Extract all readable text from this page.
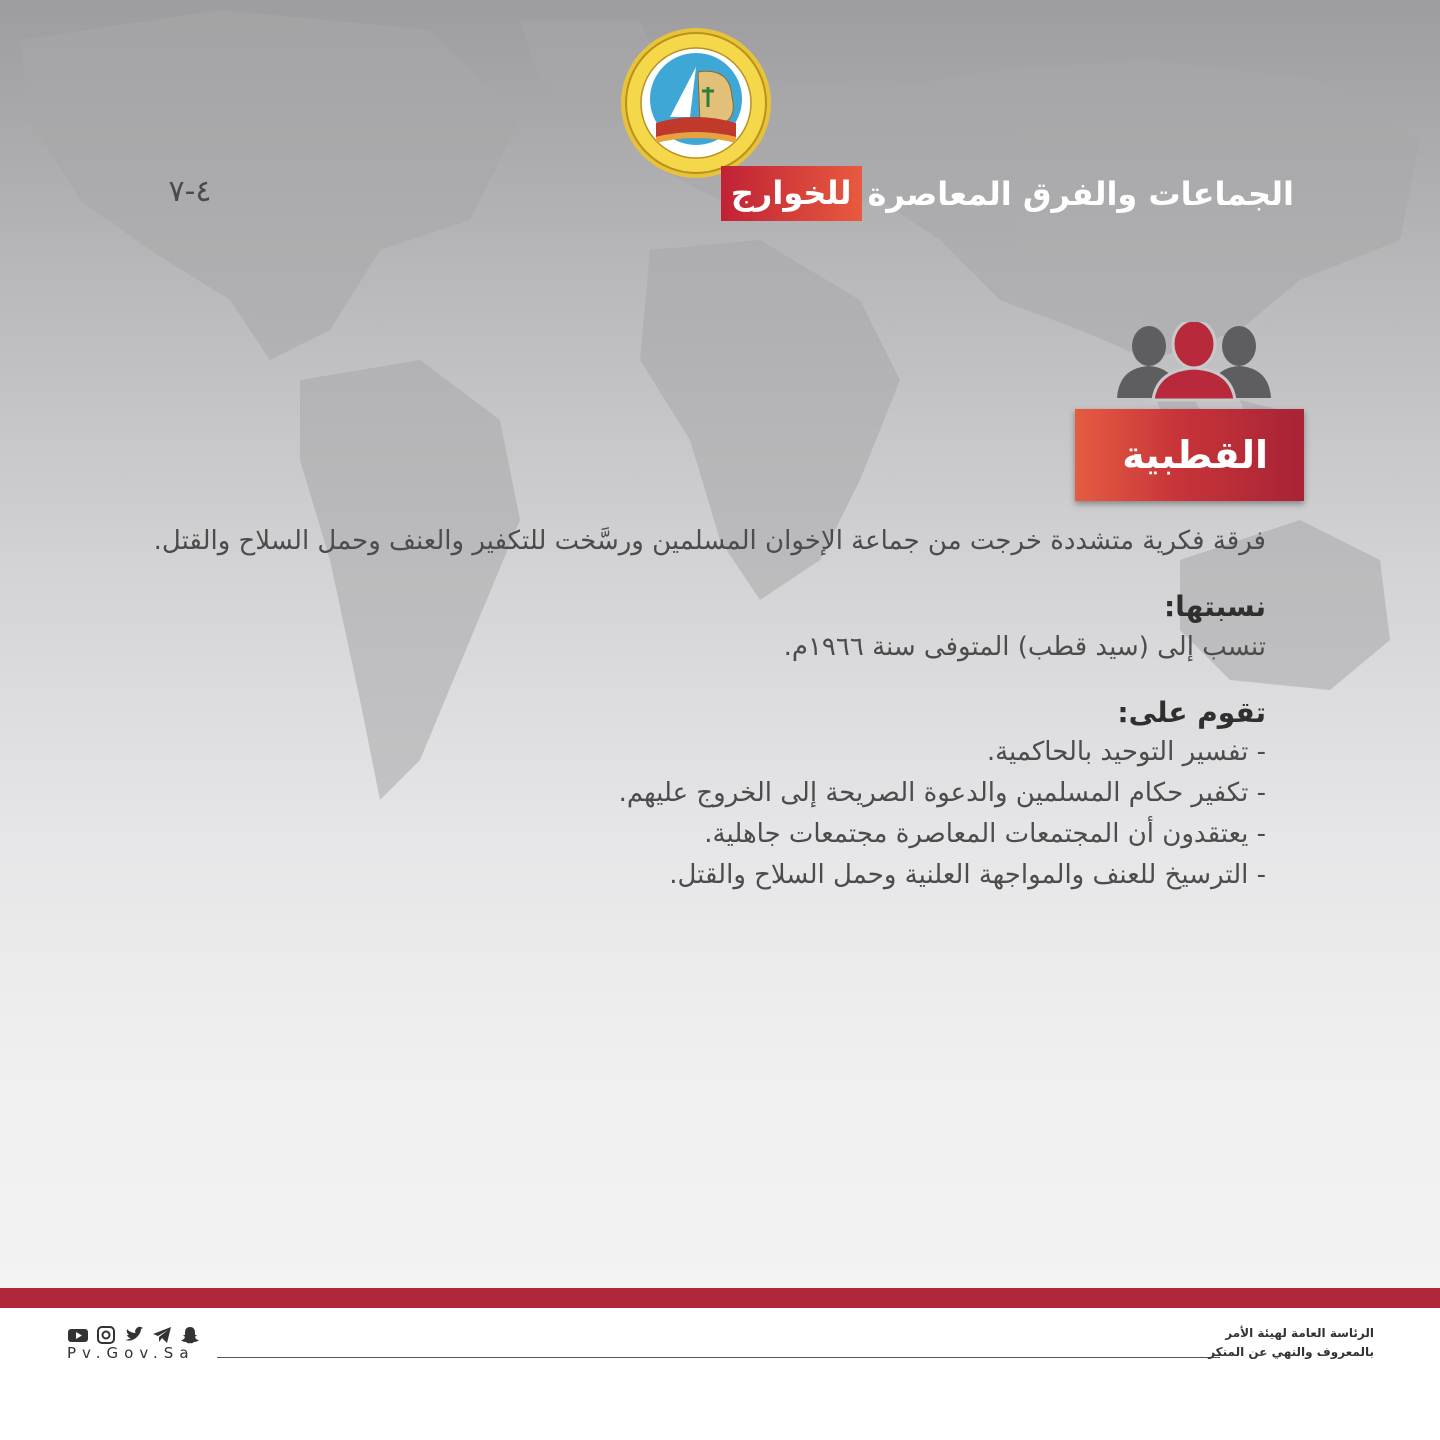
٤-٧	الجماعات والفرق المعاصرة
للخوارج
القطبية

فرقة فكرية متشددة خرجت من جماعة الإخوان المسلمين ورسَّخت للتكفير والعنف وحمل السلاح والقتل.

نسبتها:

تنسب إلى (سيد قطب) المتوفى سنة ١٩٦٦م.

تقوم على:

- تفسير التوحيد بالحاكمية.
- تكفير حكام المسلمين والدعوة الصريحة إلى الخروج عليهم.
- يعتقدون أن المجتمعات المعاصرة مجتمعات جاهلية.
- الترسيخ للعنف والمواجهة العلنية وحمل السلاح والقتل.
Pv.Gov.Sa
الرئاسة العامة لهيئة الأمر
بالمعروف والنهي عن المنكر
